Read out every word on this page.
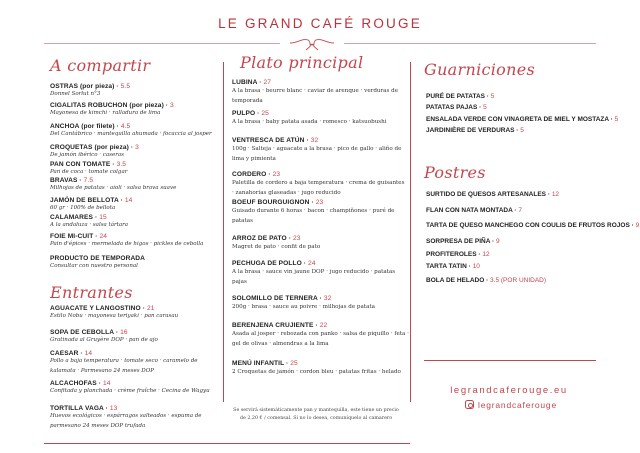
LE GRAND CAFÉ ROUGE
A compartir
OSTRAS (por pieza) · 5.5
Donnel Sorlut n°3
CIGALITAS ROBUCHON (por pieza) · 3
Mayonesa de kimchi · ralladura de lima
ANCHOA (por filete) · 4.5
Del Cantábrico · mantequilla ahumada · focaccia al josper
CROQUETAS (por pieza) · 3
De jamón ibérico · caseras
PAN CON TOMATE · 3.5
Pan de coca · tomate colgar
BRAVAS · 7.5
Milhojas de patatas · aioli · salsa brava suave
JAMÓN DE BELLOTA · 14
60 gr · 100% de bellota
CALAMARES · 15
A la andaluza · salsa tártara
FOIE MI-CUIT · 24
Pain d'épices · mermelada de higos · pickles de cebolla
PRODUCTO DE TEMPORADA
Consultar con nuestro personal
Entrantes
AGUACATE Y LANGOSTINO · 21
Estilo Nobu · mayonesa teriyaki · pan carasau
SOPA DE CEBOLLA · 16
Gratinada al Gruyère DOP · pan de ajo
CAESAR · 14
Pollo a baja temperatura · tomate seco · caramelo de
kalamata · Parmesano 24 meses DOP
ALCACHOFAS · 14
Confitada y planchada · crème fraîche · Cecina de Wagyu
TORTILLA VAGA · 13
Huevos ecológicos · espárragos salteados · espuma de
parmesano 24 meses DOP trufada
Plato principal
LUBINA · 27
A la brasa · beurre blanc · caviar de arenque · verduras de
temporada
PULPO · 25
A la brasa · baby patata asada · romesco · katsuobushi
VENTRESCA DE ATÚN · 32
100g · Salteja · aguacate a la brasa · pico de gallo · aliño de
lima y pimienta
CORDERO · 23
Paletilla de cordero a baja temperatura · crema de guisantes
· zanahorias glaseadas · jugo reducido
BOEUF BOURGUIGNON · 23
Guisado durante 6 horas · bacon · champiñones · puré de
patatas
ARROZ DE PATO · 23
Magret de pato · confit de pato
PECHUGA DE POLLO · 24
A la brasa · sauce vin jaune DOP · jugo reducido · patatas
pajas
SOLOMILLO DE TERNERA · 32
200g · brasa · sauce au poivre · milhojas de patata
BERENJENA CRUJIENTE · 22
Asada al josper · rebozada con panko · salsa de piquillo · feta ·
gel de olivas · almendras a la lima
MENÚ INFANTIL · 25
2 Croquetas de jamón · cordon bleu · patatas fritas · helado
Se servirá sistemáticamente pan y mantequilla, este tiene un precio
de 2,20 € / comensal. Si no lo desea, comuníquelo al camarero
Guarniciones
PURÉ DE PATATAS · 5
PATATAS PAJAS · 5
ENSALADA VERDE CON VINAGRETA DE MIEL Y MOSTAZA · 5
JARDINIÈRE DE VERDURAS · 5
Postres
SURTIDO DE QUESOS ARTESANALES · 12
FLAN CON NATA MONTADA · 7
TARTA DE QUESO MANCHEGO CON COULIS DE FRUTOS ROJOS · 9
SORPRESA DE PIÑA · 9
PROFITEROLES · 12
TARTA TATIN · 10
BOLA DE HELADO · 3.5 (POR UNIDAD)
legrandcaferouge.eu
legrandcaferouge
